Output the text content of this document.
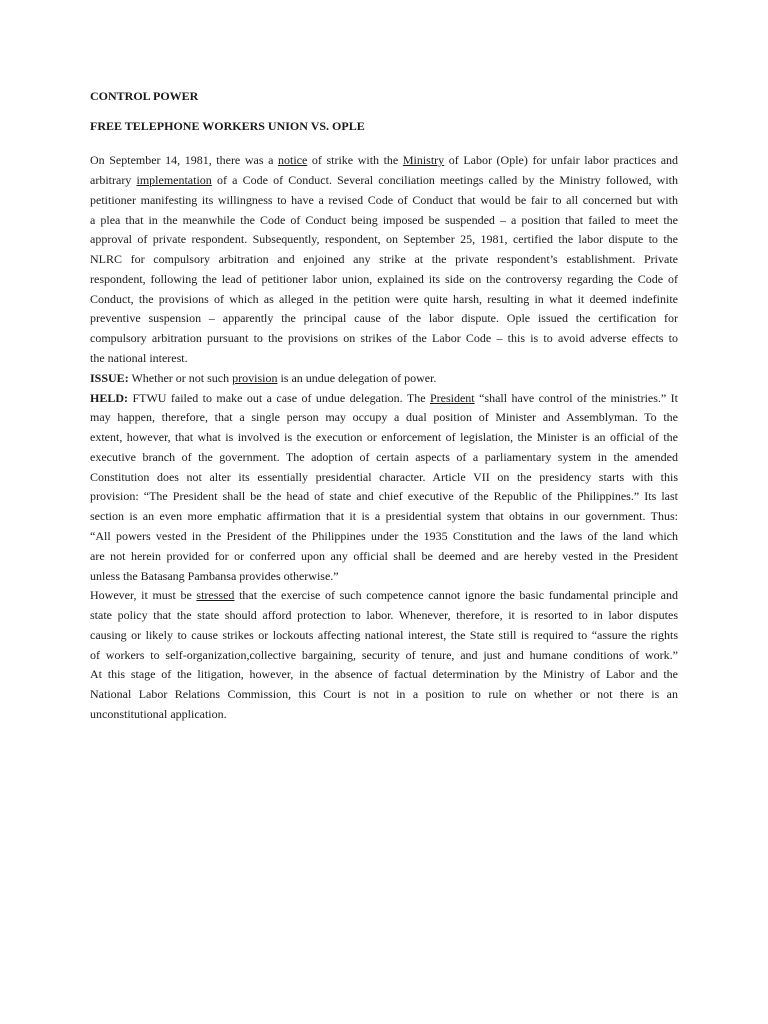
CONTROL POWER
FREE TELEPHONE WORKERS UNION VS. OPLE
On September 14, 1981, there was a notice of strike with the Ministry of Labor (Ople) for unfair labor practices and
arbitrary implementation of a Code of Conduct. Several conciliation meetings called by the Ministry followed, with
petitioner manifesting its willingness to have a revised Code of Conduct that would be fair to all concerned but with
a plea that in the meanwhile the Code of Conduct being imposed be suspended – a position that failed to meet the
approval of private respondent. Subsequently, respondent, on September 25, 1981, certified the labor dispute to the
NLRC for compulsory arbitration and enjoined any strike at the private respondent’s establishment. Private
respondent, following the lead of petitioner labor union, explained its side on the controversy regarding the Code of
Conduct, the provisions of which as alleged in the petition were quite harsh, resulting in what it deemed indefinite
preventive suspension – apparently the principal cause of the labor dispute. Ople issued the certification for
compulsory arbitration pursuant to the provisions on strikes of the Labor Code – this is to avoid adverse effects to
the national interest.
ISSUE: Whether or not such provision is an undue delegation of power.
HELD: FTWU failed to make out a case of undue delegation. The President “shall have control of the ministries.” It
may happen, therefore, that a single person may occupy a dual position of Minister and Assemblyman. To the
extent, however, that what is involved is the execution or enforcement of legislation, the Minister is an official of the
executive branch of the government. The adoption of certain aspects of a parliamentary system in the amended
Constitution does not alter its essentially presidential character. Article VII on the presidency starts with this
provision: “The President shall be the head of state and chief executive of the Republic of the Philippines.” Its last
section is an even more emphatic affirmation that it is a presidential system that obtains in our government. Thus:
“All powers vested in the President of the Philippines under the 1935 Constitution and the laws of the land which
are not herein provided for or conferred upon any official shall be deemed and are hereby vested in the President
unless the Batasang Pambansa provides otherwise.”
However, it must be stressed that the exercise of such competence cannot ignore the basic fundamental principle and
state policy that the state should afford protection to labor. Whenever, therefore, it is resorted to in labor disputes
causing or likely to cause strikes or lockouts affecting national interest, the State still is required to “assure the rights
of workers to self-organization,collective bargaining, security of tenure, and just and humane conditions of work.”
At this stage of the litigation, however, in the absence of factual determination by the Ministry of Labor and the
National Labor Relations Commission, this Court is not in a position to rule on whether or not there is an
unconstitutional application.
